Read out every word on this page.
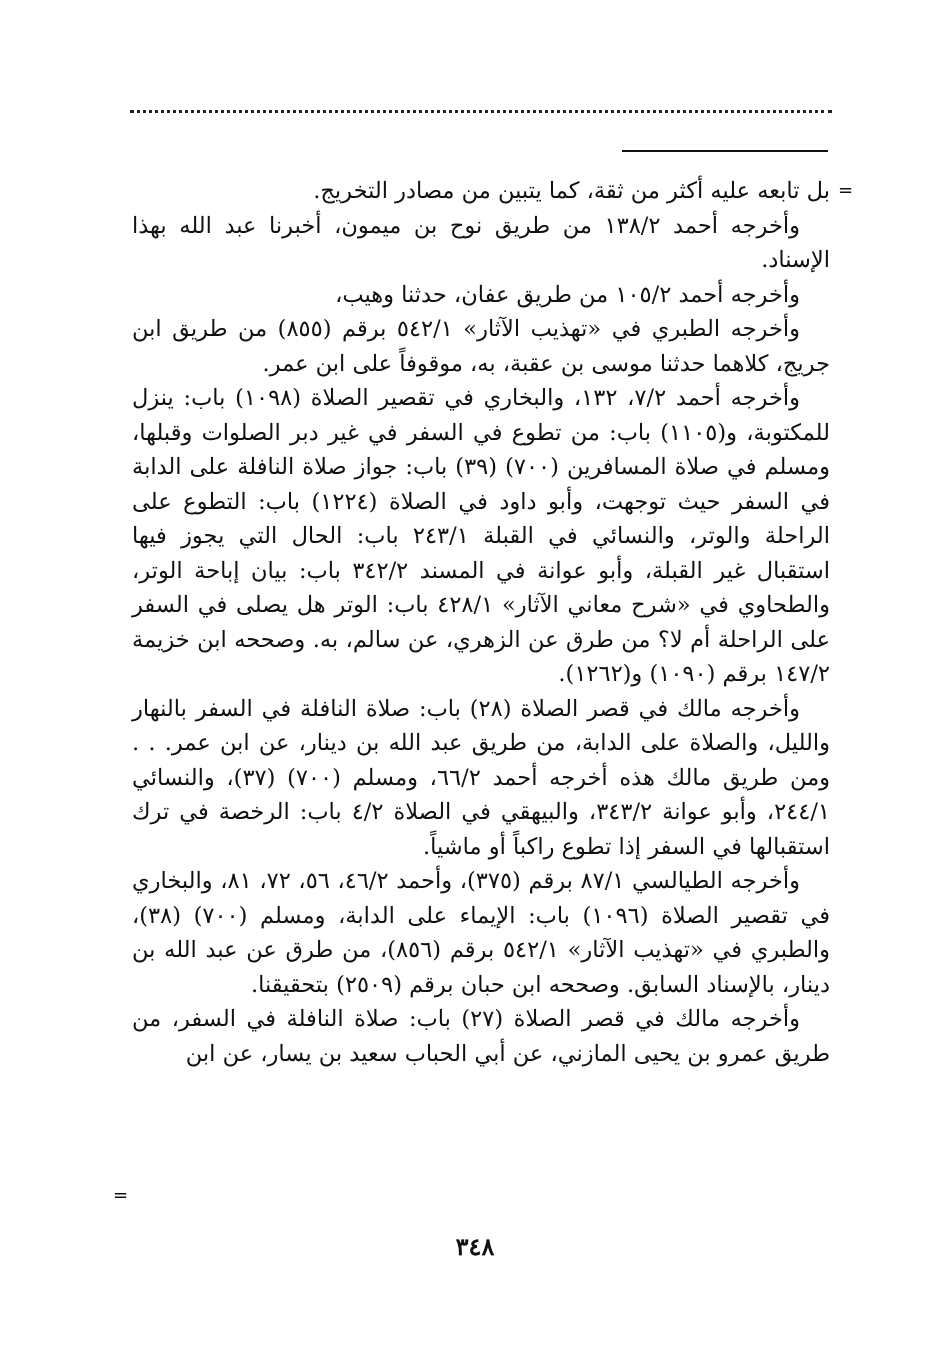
=

بل تابعه عليه أكثر من ثقة، كما يتبين من مصادر التخريج.

وأخرجه أحمد ١٣٨/٢ من طريق نوح بن ميمون، أخبرنا عبد الله بهذا الإسناد.

وأخرجه أحمد ١٠٥/٢ من طريق عفان، حدثنا وهيب،

وأخرجه الطبري في «تهذيب الآثار» ٥٤٢/١ برقم (٨٥٥) من طريق ابن جريج، كلاهما حدثنا موسى بن عقبة، به، موقوفاً على ابن عمر.

وأخرجه أحمد ٧/٢، ١٣٢، والبخاري في تقصير الصلاة (١٠٩٨) باب: ينزل للمكتوبة، و(١١٠٥) باب: من تطوع في السفر في غير دبر الصلوات وقبلها، ومسلم في صلاة المسافرين (٧٠٠) (٣٩) باب: جواز صلاة النافلة على الدابة في السفر حيث توجهت، وأبو داود في الصلاة (١٢٢٤) باب: التطوع على الراحلة والوتر، والنسائي في القبلة ٢٤٣/١ باب: الحال التي يجوز فيها استقبال غير القبلة، وأبو عوانة في المسند ٣٤٢/٢ باب: بيان إباحة الوتر، والطحاوي في «شرح معاني الآثار» ٤٢٨/١ باب: الوتر هل يصلى في السفر على الراحلة أم لا؟ من طرق عن الزهري، عن سالم، به. وصححه ابن خزيمة ١٤٧/٢ برقم (١٠٩٠) و(١٢٦٢).

وأخرجه مالك في قصر الصلاة (٢٨) باب: صلاة النافلة في السفر بالنهار والليل، والصلاة على الدابة، من طريق عبد الله بن دينار، عن ابن عمر. . . ومن طريق مالك هذه أخرجه أحمد ٦٦/٢، ومسلم (٧٠٠) (٣٧)، والنسائي ٢٤٤/١، وأبو عوانة ٣٤٣/٢، والبيهقي في الصلاة ٤/٢ باب: الرخصة في ترك استقبالها في السفر إذا تطوع راكباً أو ماشياً.

وأخرجه الطيالسي ٨٧/١ برقم (٣٧٥)، وأحمد ٤٦/٢، ٥٦، ٧٢، ٨١، والبخاري في تقصير الصلاة (١٠٩٦) باب: الإيماء على الدابة، ومسلم (٧٠٠) (٣٨)، والطبري في «تهذيب الآثار» ٥٤٢/١ برقم (٨٥٦)، من طرق عن عبد الله بن دينار، بالإسناد السابق. وصححه ابن حبان برقم (٢٥٠٩) بتحقيقنا.

وأخرجه مالك في قصر الصلاة (٢٧) باب: صلاة النافلة في السفر، من طريق عمرو بن يحيى المازني، عن أبي الحباب سعيد بن يسار، عن ابن

=
٣٤٨
